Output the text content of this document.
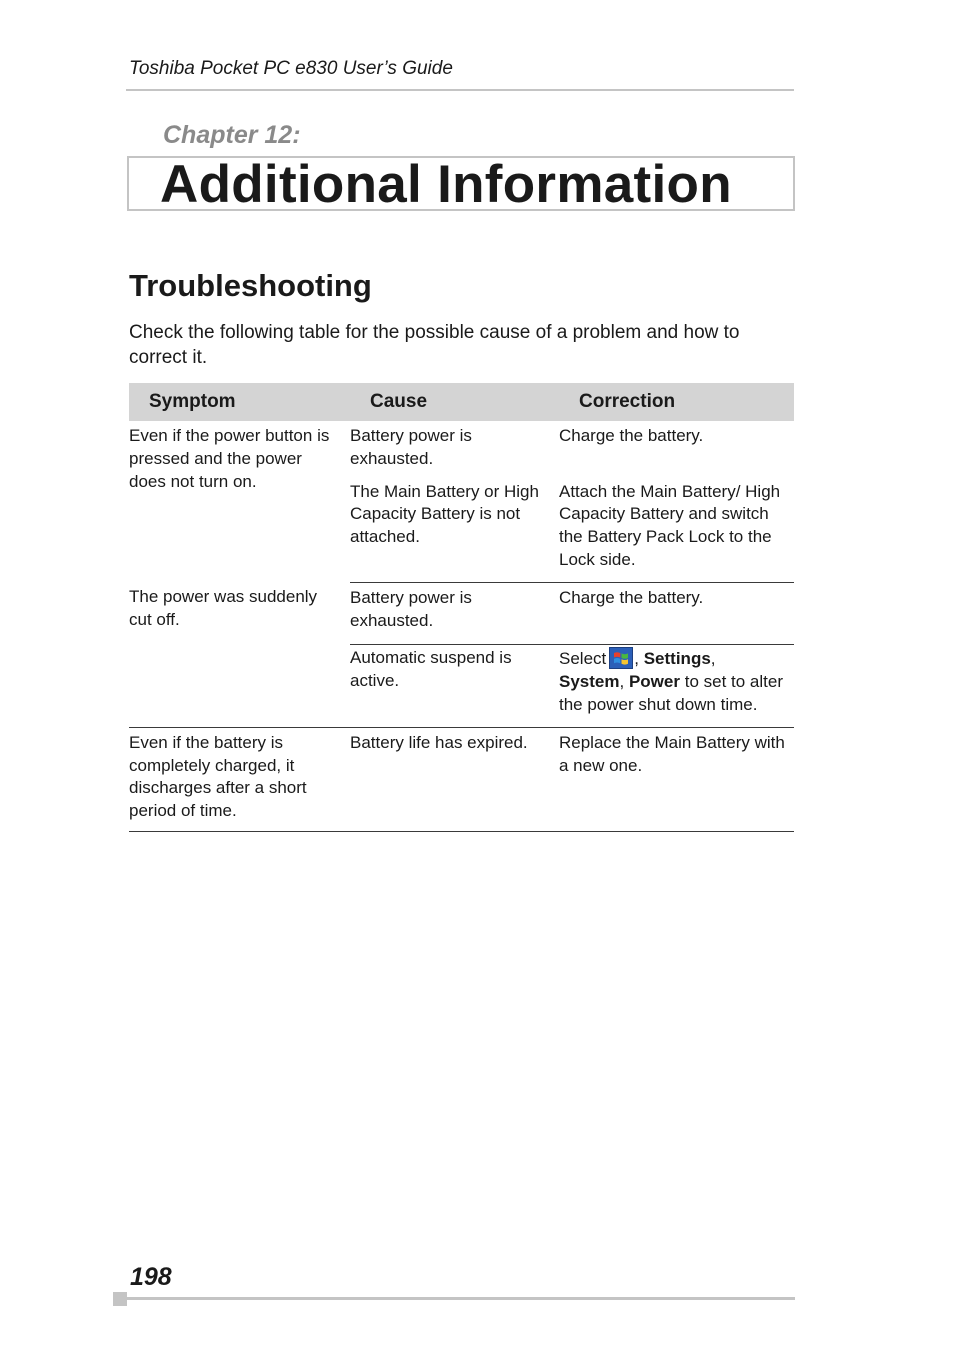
Toshiba Pocket PC e830 User’s Guide
Chapter 12:
Additional Information
Troubleshooting
Check the following table for the possible cause of a problem and how to correct it.
Symptom	Cause	Correction
Even if the power button is pressed and the power does not turn on.	Battery power is exhausted.	Charge the battery.
	The Main Battery or High Capacity Battery is not attached.	Attach the Main Battery/ High Capacity Battery and switch the Battery Pack Lock to the Lock side.
The power was suddenly cut off.	Battery power is exhausted.	Charge the battery.
	Automatic suspend is active.	Select , Settings,
System, Power to set to alter the power shut down time.
Even if the battery is completely charged, it discharges after a short period of time.	Battery life has expired.	Replace the Main Battery with a new one.
198
